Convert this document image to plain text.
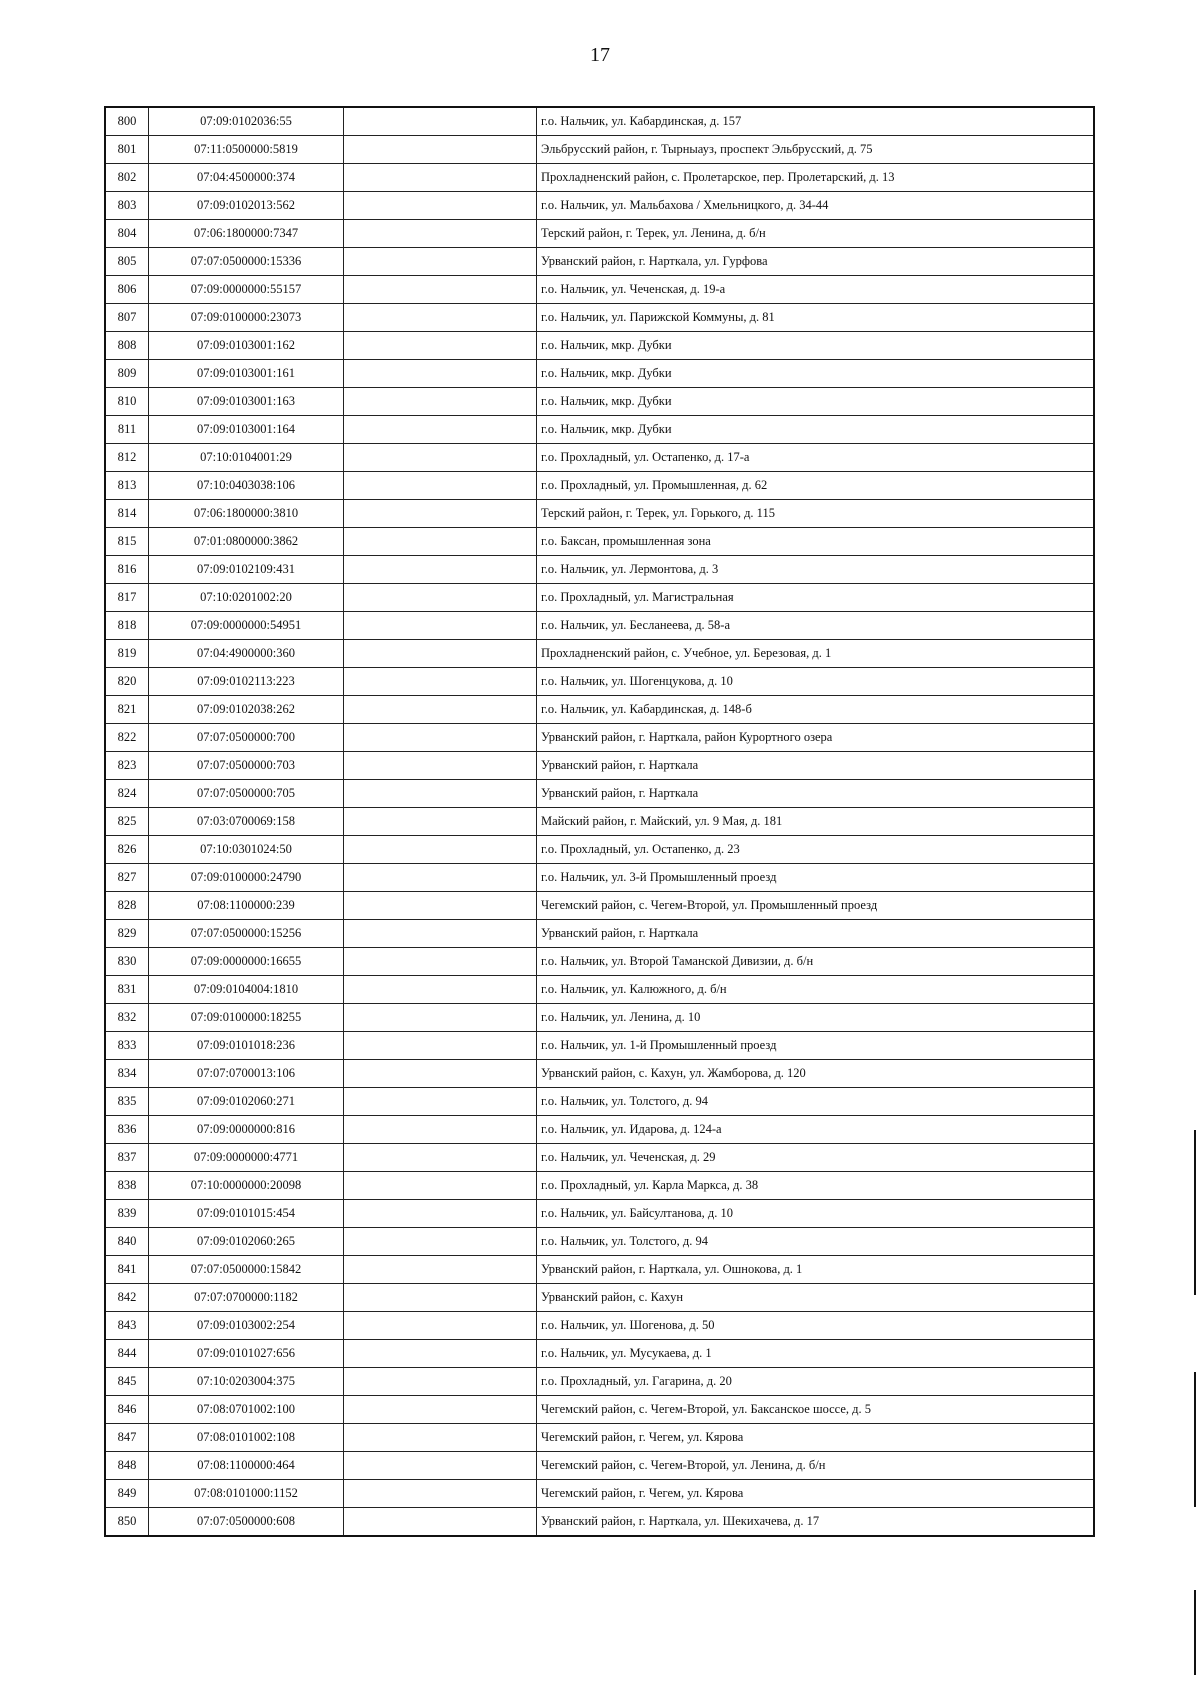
17
800	07:09:0102036:55		г.о. Нальчик, ул. Кабардинская, д. 157
801	07:11:0500000:5819		Эльбрусский район, г. Тырныауз, проспект Эльбрусский, д. 75
802	07:04:4500000:374		Прохладненский район, с. Пролетарское, пер. Пролетарский, д. 13
803	07:09:0102013:562		г.о. Нальчик, ул. Мальбахова / Хмельницкого, д. 34-44
804	07:06:1800000:7347		Терский район, г. Терек, ул. Ленина, д. б/н
805	07:07:0500000:15336		Урванский район, г. Нарткала, ул. Гурфова
806	07:09:0000000:55157		г.о. Нальчик, ул. Чеченская, д. 19-а
807	07:09:0100000:23073		г.о. Нальчик, ул. Парижской Коммуны, д. 81
808	07:09:0103001:162		г.о. Нальчик, мкр. Дубки
809	07:09:0103001:161		г.о. Нальчик, мкр. Дубки
810	07:09:0103001:163		г.о. Нальчик, мкр. Дубки
811	07:09:0103001:164		г.о. Нальчик, мкр. Дубки
812	07:10:0104001:29		г.о. Прохладный, ул. Остапенко, д. 17-а
813	07:10:0403038:106		г.о. Прохладный, ул. Промышленная, д. 62
814	07:06:1800000:3810		Терский район, г. Терек, ул. Горького, д. 115
815	07:01:0800000:3862		г.о. Баксан, промышленная зона
816	07:09:0102109:431		г.о. Нальчик, ул. Лермонтова, д. 3
817	07:10:0201002:20		г.о. Прохладный, ул. Магистральная
818	07:09:0000000:54951		г.о. Нальчик, ул. Бесланеева, д. 58-а
819	07:04:4900000:360		Прохладненский район, с. Учебное, ул. Березовая, д. 1
820	07:09:0102113:223		г.о. Нальчик, ул. Шогенцукова, д. 10
821	07:09:0102038:262		г.о. Нальчик, ул. Кабардинская, д. 148-б
822	07:07:0500000:700		Урванский район, г. Нарткала, район Курортного озера
823	07:07:0500000:703		Урванский район, г. Нарткала
824	07:07:0500000:705		Урванский район, г. Нарткала
825	07:03:0700069:158		Майский район, г. Майский, ул. 9 Мая, д. 181
826	07:10:0301024:50		г.о. Прохладный, ул. Остапенко, д. 23
827	07:09:0100000:24790		г.о. Нальчик, ул. 3-й Промышленный проезд
828	07:08:1100000:239		Чегемский район, с. Чегем-Второй, ул. Промышленный проезд
829	07:07:0500000:15256		Урванский район, г. Нарткала
830	07:09:0000000:16655		г.о. Нальчик, ул. Второй Таманской Дивизии, д. б/н
831	07:09:0104004:1810		г.о. Нальчик, ул. Калюжного, д. б/н
832	07:09:0100000:18255		г.о. Нальчик, ул. Ленина, д. 10
833	07:09:0101018:236		г.о. Нальчик, ул. 1-й Промышленный проезд
834	07:07:0700013:106		Урванский район, с. Кахун, ул. Жамборова, д. 120
835	07:09:0102060:271		г.о. Нальчик, ул. Толстого, д. 94
836	07:09:0000000:816		г.о. Нальчик, ул. Идарова, д. 124-а
837	07:09:0000000:4771		г.о. Нальчик, ул. Чеченская, д. 29
838	07:10:0000000:20098		г.о. Прохладный, ул. Карла Маркса, д. 38
839	07:09:0101015:454		г.о. Нальчик, ул. Байсултанова, д. 10
840	07:09:0102060:265		г.о. Нальчик, ул. Толстого, д. 94
841	07:07:0500000:15842		Урванский район, г. Нарткала, ул. Ошнокова, д. 1
842	07:07:0700000:1182		Урванский район, с. Кахун
843	07:09:0103002:254		г.о. Нальчик, ул. Шогенова, д. 50
844	07:09:0101027:656		г.о. Нальчик, ул. Мусукаева, д. 1
845	07:10:0203004:375		г.о. Прохладный, ул. Гагарина, д. 20
846	07:08:0701002:100		Чегемский район, с. Чегем-Второй, ул. Баксанское шоссе, д. 5
847	07:08:0101002:108		Чегемский район, г. Чегем, ул. Кярова
848	07:08:1100000:464		Чегемский район, с. Чегем-Второй, ул. Ленина, д. б/н
849	07:08:0101000:1152		Чегемский район, г. Чегем, ул. Кярова
850	07:07:0500000:608		Урванский район, г. Нарткала, ул. Шекихачева, д. 17
